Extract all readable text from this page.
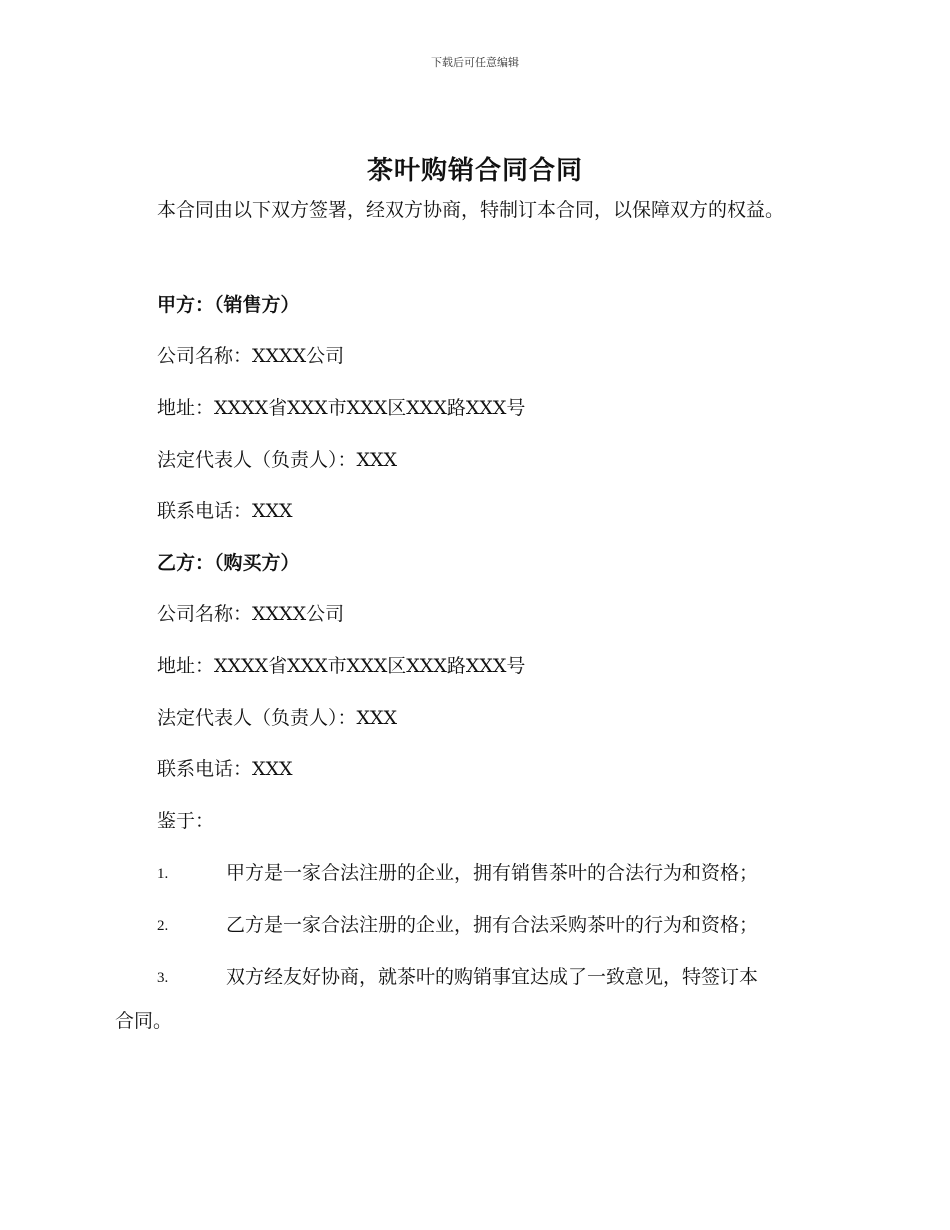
下载后可任意编辑
茶叶购销合同合同
本合同由以下双方签署，经双方协商，特制订本合同，以保障双方的权益。
甲方：（销售方）
公司名称：XXXX公司
地址：XXXX省XXX市XXX区XXX路XXX号
法定代表人（负责人）：XXX
联系电话：XXX
乙方：（购买方）
公司名称：XXXX公司
地址：XXXX省XXX市XXX区XXX路XXX号
法定代表人（负责人）：XXX
联系电话：XXX
鉴于：
1.	甲方是一家合法注册的企业，拥有销售茶叶的合法行为和资格；
2.	乙方是一家合法注册的企业，拥有合法采购茶叶的行为和资格；
3.	双方经友好协商，就茶叶的购销事宜达成了一致意见，特签订本
合同。
